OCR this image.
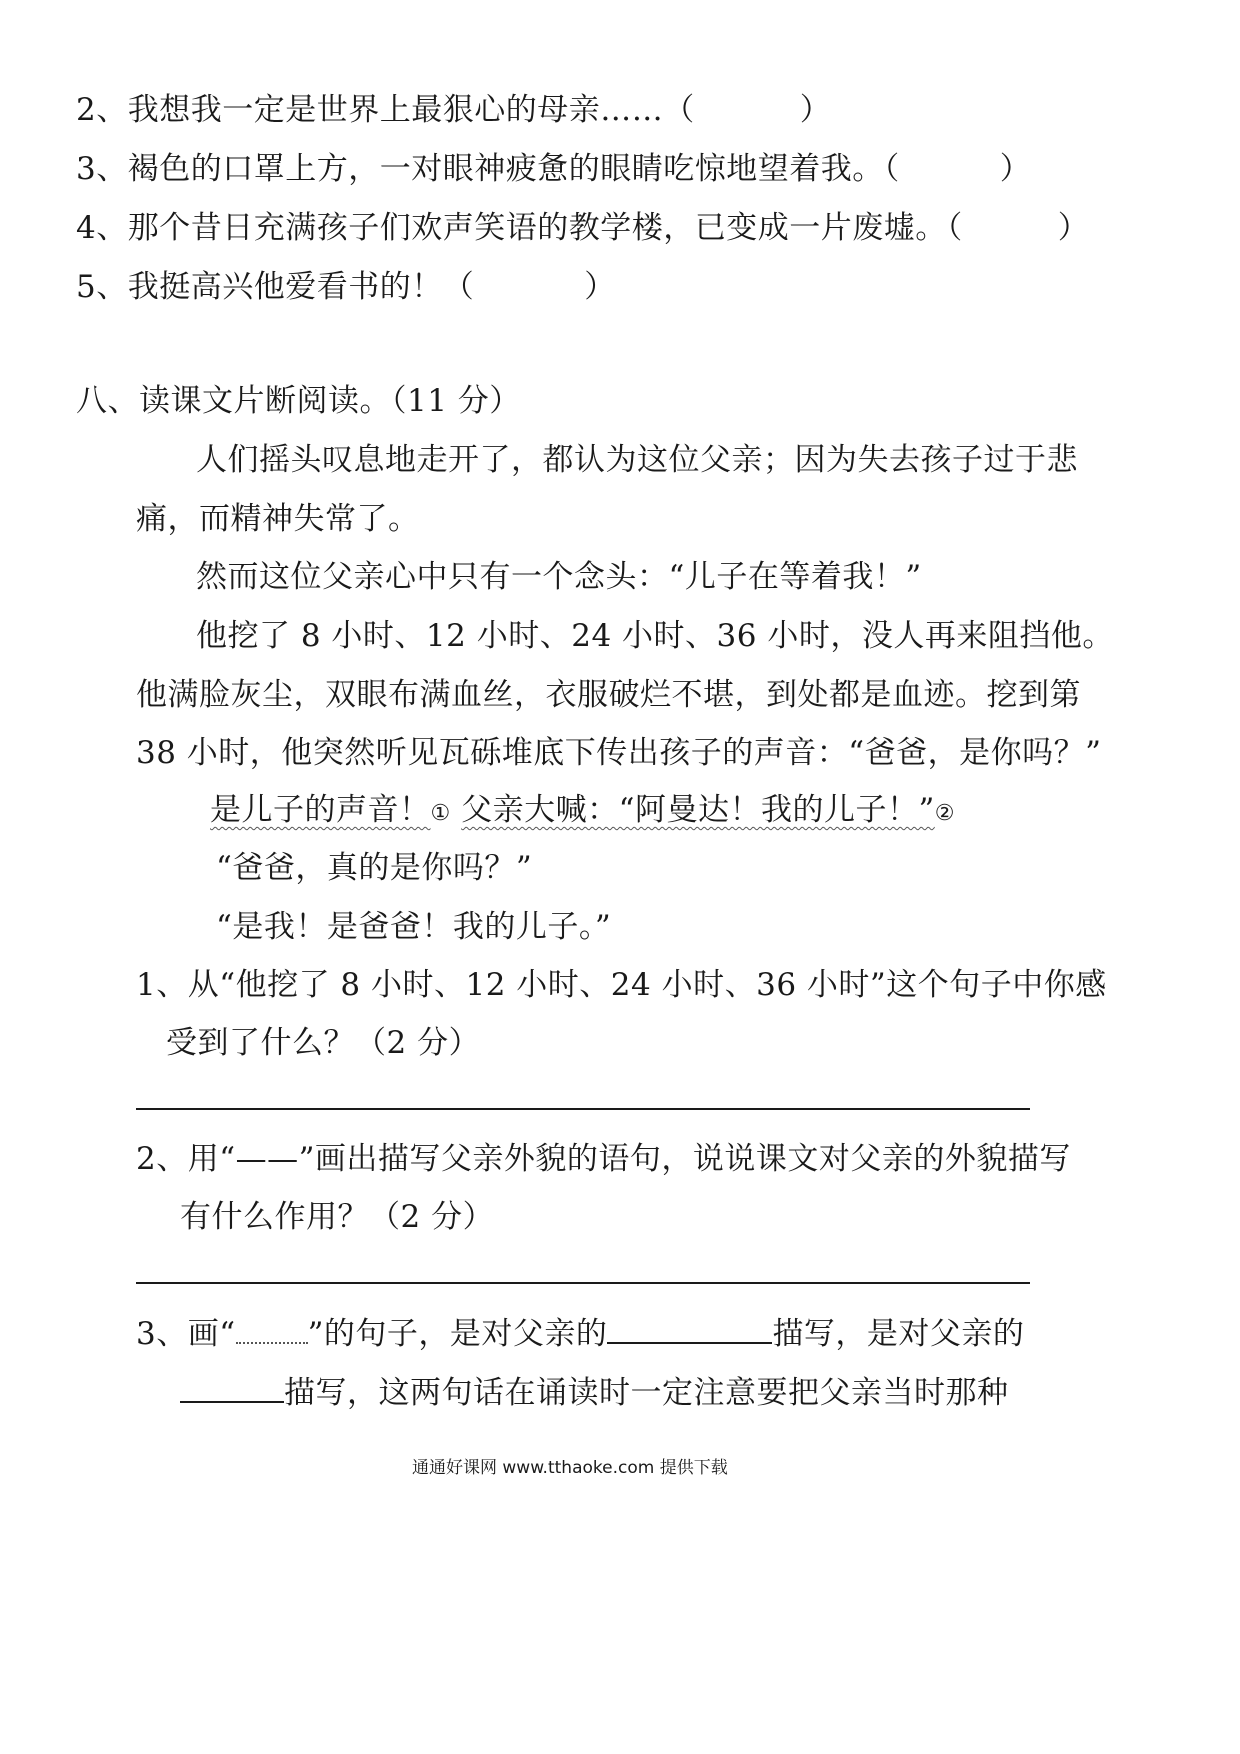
2、我想我一定是世界上最狠心的母亲……（	）
3、褐色的口罩上方，一对眼神疲惫的眼睛吃惊地望着我。（	）
4、那个昔日充满孩子们欢声笑语的教学楼，已变成一片废墟。（	）
5、我挺高兴他爱看书的！（	）
八、读课文片断阅读。（11 分）
人们摇头叹息地走开了，都认为这位父亲；因为失去孩子过于悲
痛，而精神失常了。
然而这位父亲心中只有一个念头：“儿子在等着我！”
他挖了 8 小时、12 小时、24 小时、36 小时，没人再来阻挡他。
他满脸灰尘，双眼布满血丝，衣服破烂不堪，到处都是血迹。挖到第
38 小时，他突然听见瓦砾堆底下传出孩子的声音：“爸爸，是你吗？”
是儿子的声音！① 父亲大喊：“阿曼达！我的儿子！”②
“爸爸，真的是你吗？”
“是我！是爸爸！我的儿子。”
1、从“他挖了 8 小时、12 小时、24 小时、36 小时”这个句子中你感
受到了什么？（2 分）
2、用“——”画出描写父亲外貌的语句，说说课文对父亲的外貌描写
有什么作用？（2 分）
3、画“ ”的句子，是对父亲的	描写，是对父亲的
描写，这两句话在诵读时一定注意要把父亲当时那种
通通好课网 www.tthaoke.com 提供下载
